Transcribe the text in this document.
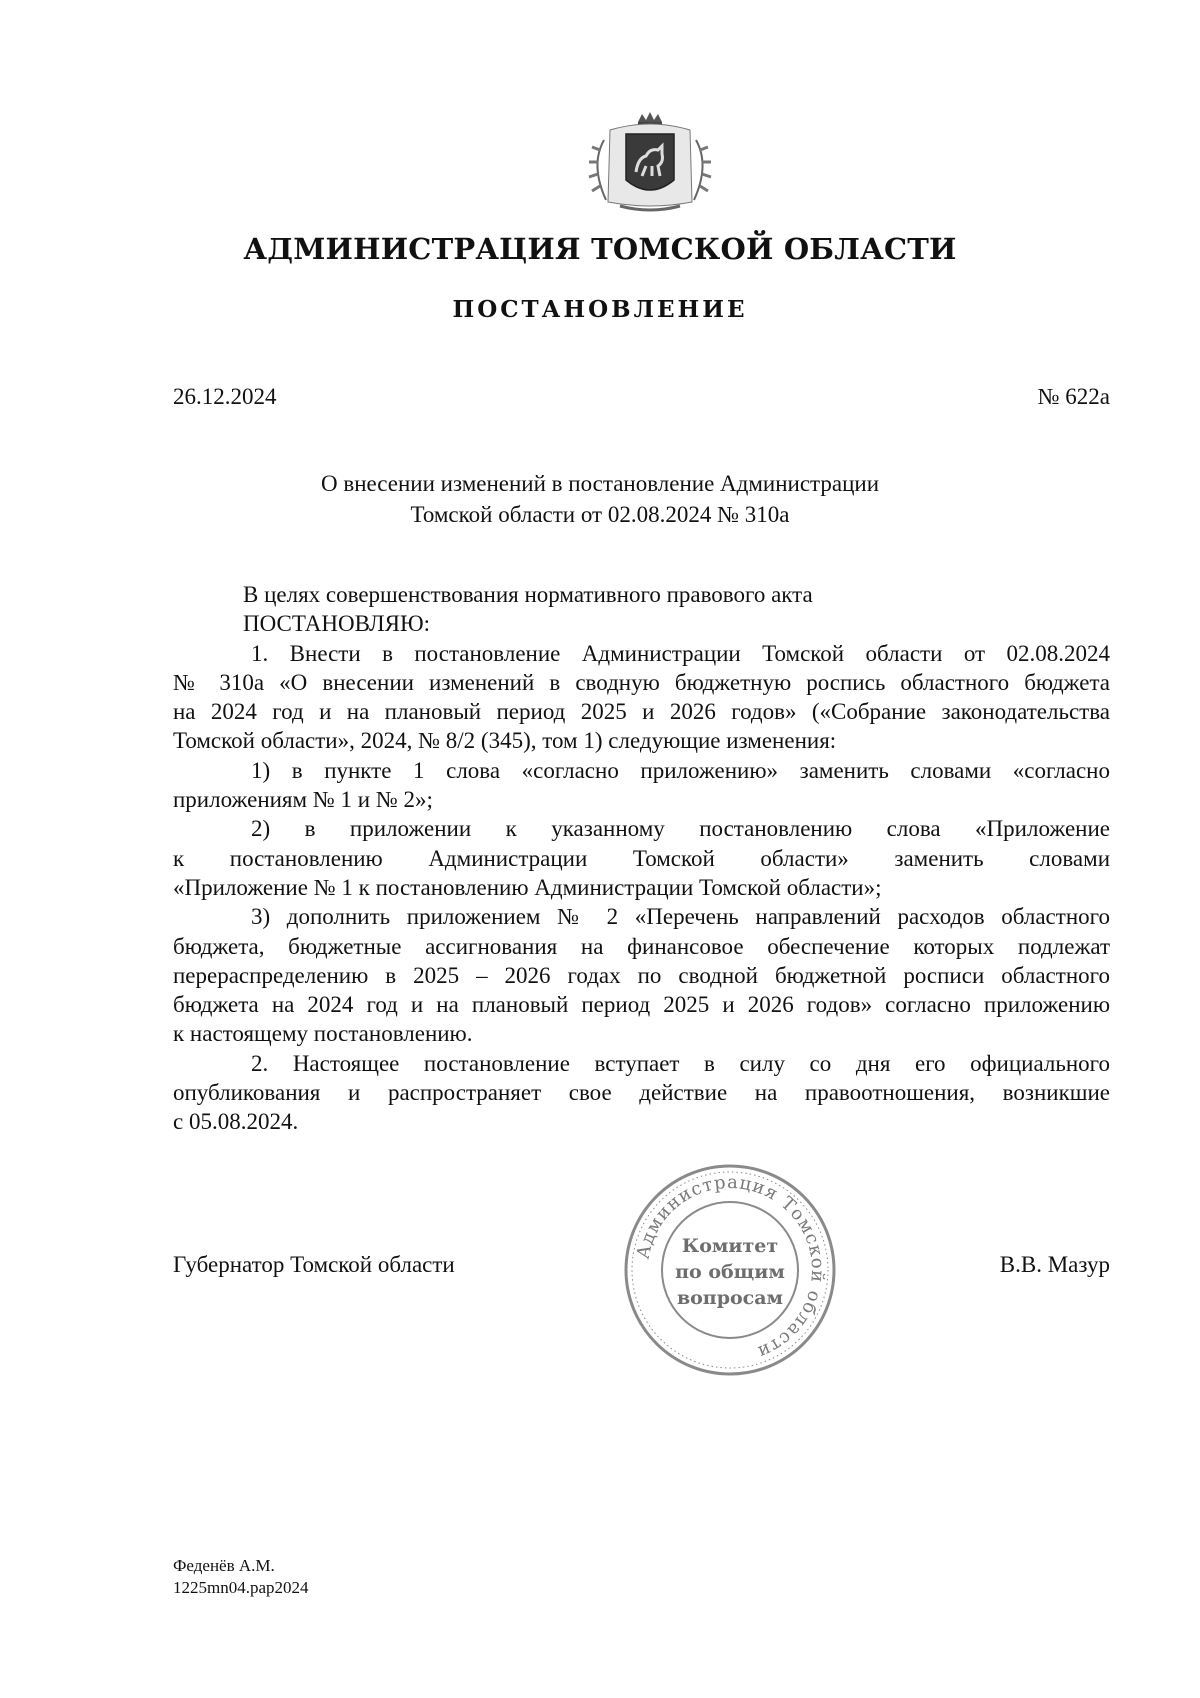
АДМИНИСТРАЦИЯ ТОМСКОЙ ОБЛАСТИ
ПОСТАНОВЛЕНИЕ
26.12.2024	№ 622а
О внесении изменений в постановление Администрации
Томской области от 02.08.2024 № 310а
В целях совершенствования нормативного правового акта
ПОСТАНОВЛЯЮ:
1. Внести в постановление Администрации Томской области от 02.08.2024
№ 310а «О внесении изменений в сводную бюджетную роспись областного бюджета
на 2024 год и на плановый период 2025 и 2026 годов» («Собрание законодательства
Томской области», 2024, № 8/2 (345), том 1) следующие изменения:
1) в пункте 1 слова «согласно приложению» заменить словами «согласно
приложениям № 1 и № 2»;
2) в приложении к указанному постановлению слова «Приложение
к постановлению Администрации Томской области» заменить словами
«Приложение № 1 к постановлению Администрации Томской области»;
3) дополнить приложением № 2 «Перечень направлений расходов областного
бюджета, бюджетные ассигнования на финансовое обеспечение которых подлежат
перераспределению в 2025 – 2026 годах по сводной бюджетной росписи областного
бюджета на 2024 год и на плановый период 2025 и 2026 годов» согласно приложению
к настоящему постановлению.
2. Настоящее постановление вступает в силу со дня его официального
опубликования и распространяет свое действие на правоотношения, возникшие
с 05.08.2024.
Губернатор Томской области	В.В. Мазур
Администрация Томской области
Комитет
по общим
вопросам
Феденёв А.М.
1225mn04.pap2024
